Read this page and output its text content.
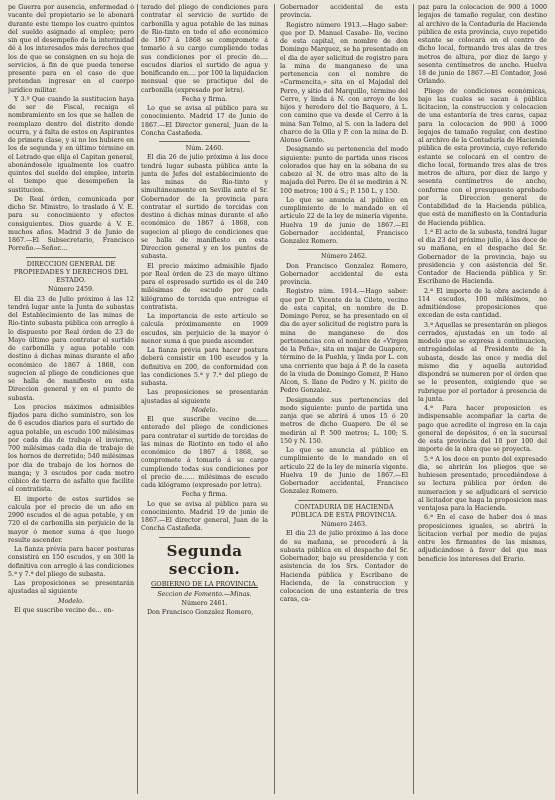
pe Guerra por ausencia, enfermedad ó vacante del propietario se le abonará durante este tiempo los cuatro quintos del sueldo asignado al empleo; pero sin que el desempeño de la interinidad dé á los interesados más derechos que los de que se consignen en su hoja de servicios, á fin de que pueda tenerse presente para en el caso de que pretendan ingresar en el cuerpo jurídico militar.

Y 3.º Que cuando la sustitucion haya de ser de Fiscal, recaiga el nombramiento en los que se hallen de reemplazo dentro del distrito donde ocurra, y á falta de estos en Aspirantes de primera clase, y si no los hubiere en los de segunda y en último término en el Letrado que elija el Capitan general, abonándosele igualmente los cuatro quintos del sueldo del empleo, interin el tiempo que desempeñen la sustitucion.

De Real órden, comunicada por dicho Sr. Ministro, lo traslado á V. E. para su conocimiento y efectos consiguientes. Dios guarde á V. E. muchos años. Madrid 3 de Junio de 1867.—El Subsecretario, Francisco Porreño.—Señor....

DIRECCION GENERAL DE PROPIEDADES Y DERECHOS DEL ESTADO.

Número 2459.

El dia 23 de Julio próximo á las 12 tendrá lugar ante la Junta de subastas del Establecimiento de las minas de Rio-tinto subasta pública con arreglo á lo dispuesto por Real órden de 23 de Mayo último para contratar el surtido de carbonilla y agua potable con destino á dichas minas durante el año económico de 1867 á 1868, con sugecion al pliego de condiciones que se halla de manifiesto en esta Direccion general y en el punto de subasta.

Los precios máximos admisibles fijados para dicho suministro, son los de 6 escudos diarios para el surtido de agua potable, un escudo 100 milésimas por cada dia de trabajo el invierno, 700 milésimas cada dia de trabajo de los hornos de derretido; 540 milésimas por dia de trabajo de los hornos de manga; y 3 escudos por cada metro cúbico de tierra de asfalto que facilite el contratista.

El importe de estos surtidos se calcula por el precio de un año en 2990 escudos el de agua potable, y en 720 el de carbonilla sin perjuicio de la mayor ó menor suma á que luego resulte ascender.

La fianza prévia para hacer posturas consistirá en 150 escudos, y en 300 la definitiva con arreglo á las condiciones 5.ª y 7.ª del pliego de subasta.

Las proposiciones se presentarán ajustadas al siguiente

Modelo.

El que suscribe vecino de... en-

terado del pliego de condiciones para contratar el servicio de surtido de carbonilla y agua potable de las minas de Rio-tinto en todo el año económico de 1867 á 1868 se compromete á tomarlo á su cargo cumpliendo todas sus condiciones por el precio de.... escudos diarios el surtido de agua y bonificando en.... por 100 la liquidacion mensual que se practique del de carbonilla (expresado por letra).

Fecha y firma.

Lo que se avisa al público para su conocimiento. Madrid 17 de Junio de 1867.—El Director general, Juan de la Concha Castañeda.

Núm. 2460.

El dia 26 de julio próximo á las doce tendrá lugar subasta pública ante la junta de Jefes del establecimiento de las minas de Rio-tinto y simultáneamente en Sevilla ante el Sr. Gobernador de la provincia para contratar el surtido de torcidas con destino á dichas minas durante el año económico de 1867 á 1868, con sugecion al pliego de condiciones que se halla de manifiesto en esta Direccion general y en los puntos de subasta.

El precio máximo admisible fijado por Real órden de 23 de mayo último para el espresado surtido es el de 240 milésimas de escudo por cada kilógramo de torcida que entregue el contratista.

La importancia de este artículo se calcula próximamente en 1909 escudos, sin perjuicio de la mayor ó menor suma á que pueda ascender.

La fianza prévia para hacer postura deberá consistir en 100 escudos y la definitiva en 200, de conformidad con las condiciones 5.ª y 7.ª del pliego de subasta.

Las proposiciones se presentarán ajustadas al siguiente

Modelo.

El que suscribe vecino de...... enterado del pliego de condiciones para contratar el surtido de torcidas de las minas de Riotinto en todo el año económico de 1867 á 1868, se compromete á tomarlo á su cargo cumpliendo todas sus condiciones por el precio de...... milésimas de escudo cada kilógramo (expresado por letra).

Fecha y firma.

Lo que se avisa al público para su conocimiento. Madrid 19 de junio de 1867.—El director general, Juan de la Concha Castañeda.

Segunda seccion.
GOBIERNO DE LA PROVINCIA.

Seccion de Fomento.—Minas.

Número 2461.

Don Francisco Gonzalez Romero,

Gobernador accidental de esta provincia.

Registro número 1913.—Hago saber: que por D. Manuel Casabe- llo, vecino de esta capital, en nombre de don Domingo Marquez, se ha presentado en el dia de ayer solicitud de registro para la mina de manganeso de una pertenencia con el nombre de «Carmencita,» sita en el Majadal del Perro, y sitio del Marquillo, término del Cerro, y linda á N. con arroyo de los hijos y heredero del tio Baquero, á L. con camino que va desde el Cerro á la mina San Telmo, al S. con la ladera del charco de la Olla y P. con la mina de D. Alonso Gento.

Designando su pertenencia del modo siguiente: punto de partida unos riscos colorados que hay en la sóbana de su cabezo al N. de otro mas alto de la majada del Perro. De él se medirán á N. 100 metros; 100 á S.; P. 150 L. y 150.

Lo que se anuncia al público en cumplimiento de lo mandado en el artículo 22 de la ley de minería vigente. Huelva 19 de junio de 1867.—El Gobernador accidental, Francisco Gonzalez Romero.

Número 2462.

Don Francisco Gonzalez Romero, Gobernador accidental de esta provincia.

Registro núm. 1914.—Hago saber: que por D. Vicente de la Cilete, vecino de esta capital, en nombre de D. Domingo Perez, se ha presentado en el dia de ayer solicitud de registro para la mina de manganeso de dos pertenencias con el nombre de «Virgen de la Peña», sita en majar de Guapero, término de la Puebla, y linda por L. con una corriente que baja á P. de la caseta de la viuda de Domingo Gomez, P. Hano Alcon, S. llano de Pedro y N. picito de Pedro Gonzalez.

Designando sus pertenencias del modo siguiente: punto de partida una zanja que se abrirá á unos 15 ó 20 metros de dicho Guapero. De él se medirán al P. 500 metros; L. 100; S. 150 y N. 150.

Lo que se anuncia al público en cumplimiento de lo mandado en el artículo 22 de la ley de minería vigente. Huelva 19 de Junio de 1867.—El Gobernador accidental, Francisco Gonzalez Romero.

CONTADURIA DE HACIENDA PÚBLICA DE ESTA PROVINCIA.

Número 2463.

El dia 23 de julio próximo á las doce de su mañana, se procederá á la subasta pública en el despacho del Sr. Gobernador, bajo su presidencia y con asistencia de los Srs. Contador de Hacienda pública y Escribano de Hacienda, de la construccion y colocacion de una estantería de tres caras, ca-

paz para la colocacion de 900 á 1000 legajos de tamaño regular, con destino al archivo de la Contaduría de Hacienda pública de esta provincia, cuyo repetido estante se colocará en el centro de dicho local, formando tres alas de tres metros de altura, por diez de largo y sesenta centímetros de ancho. Huelva 18 de junio de 1867.—El Contador, José Orlando.

Pliego de condiciones económicas, bajo las cuales se sacan á pública licitacion, la construccion y colocacion de una estantería de tres caras, capaz para la colocacion de 900 á 1000 legajos de tamaño regular, con destino al archivo de la Contaduría de Hacienda pública de esta provincia, cuyo referido estante se colocará en el centro de dicho local, formando tres alas de tres metros de altura, por diez de largo y sesenta centímetros de ancho, conforme con el presupuesto aprobado por la Direccion general de Contabilidad de la Hacienda pública, que está de manifiesto en la Contaduría de Hacienda pública.

1.ª El acto de la subasta, tendrá lugar el dia 23 del próximo julio, á las doce de su mañana, en el despacho del Sr. Gobernador de la provincia, bajo su presidencia y con asistencia del Sr. Contador de Hacienda pública y Sr. Escribano de Hacienda.

2.ª El importe de la obra asciende á 114 escudos, 100 milésimos, no admitiéndose proposiciones que excedan de esta cantidad.

3.ª Aquellas se presentarán en pliegos cerrados, ajustadas en un todo al modelo que se expresa á continuacion, entregándolas al Presidente de la subasta, desde las once y media del mismo dia y aquella autoridad dispondrá se numeren por el órden que se le presenten, exigiendo que se rubrique por el portador á presencia de la junta.

4.ª Para hacer proposicion es indispensable acompañar la carta de pago que acredite el ingreso en la caja general de depósitos, ó en la sucursal de esta provincia del 10 por 100 del importe de la obra que se proyecta.

5.ª A los doce en punto del expresado dia, se abrirán los pliegos que se hubiesen presentado, procediéndose á su lectura pública por órden de numeracion y se adjudicará el servicio al licitador que haga la proposicion mas ventajosa para la Hacienda.

6.ª En el caso de haber dos ó mas proposiciones iguales, se abrirá la licitacion verbal por medio de pujas entre los firmantes de las mismas, adjudicándose á favor del que mas beneficie los intereses del Erario.
